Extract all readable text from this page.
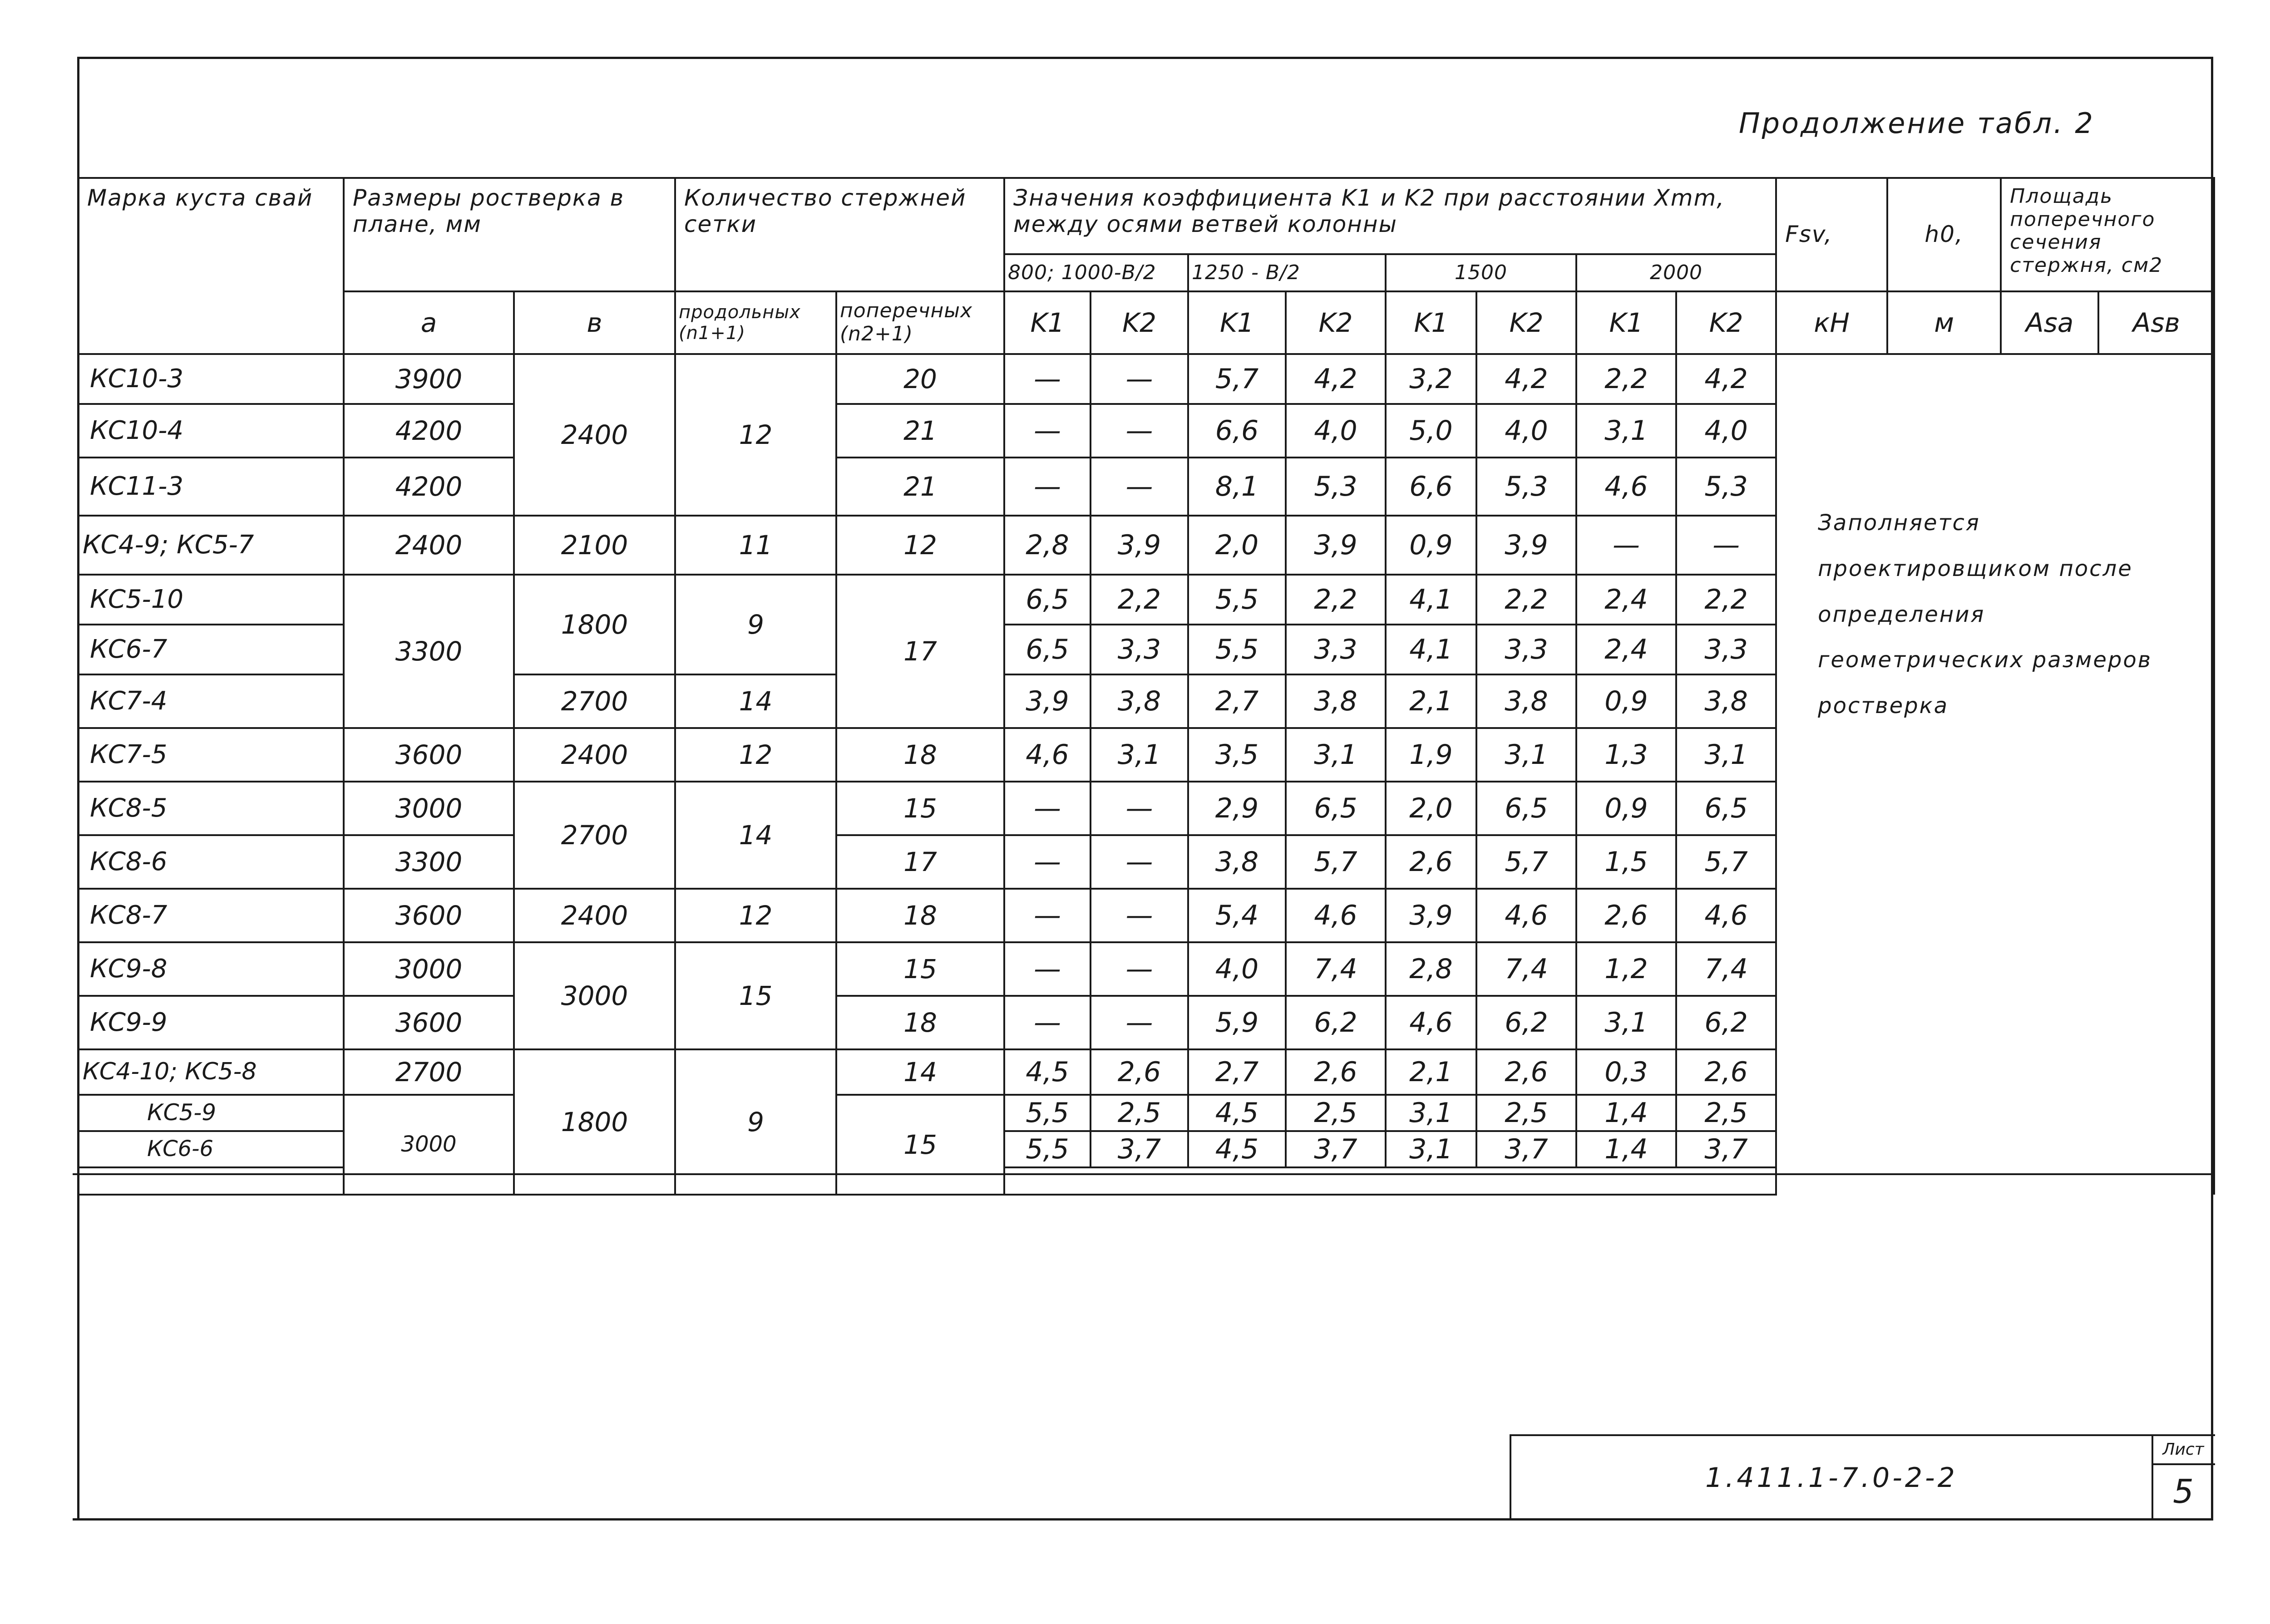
Продолжение табл. 2
Марка куста свай	Размеры ростверка в плане, мм		Количество стержней сетки		Значения коэффициента K1 и K2 при расстоянии Xmm, между осями ветвей колонны								Fsv,	h0,	Площадь поперечного сечения стержня, см2	
					800; 1000-B/2		1250 - B/2		1500		2000					
	а	в	продольных (n1+1)	поперечных (n2+1)	K1	K2	K1	K2	K1	K2	K1	K2	кН	м	Asa	Asв
КС10-3	3900	2400	12	20	—	—	5,7	4,2	3,2	4,2	2,2	4,2	Заполняется проектировщиком после определения геометрических размеров ростверка			
КС10-4	4200			21	—	—	6,6	4,0	5,0	4,0	3,1	4,0				
КС11-3	4200			21	—	—	8,1	5,3	6,6	5,3	4,6	5,3				
КС4-9; КС5-7	2400	2100	11	12	2,8	3,9	2,0	3,9	0,9	3,9	—	—				
КС5-10	3300	1800	9	17	6,5	2,2	5,5	2,2	4,1	2,2	2,4	2,2				
КС6-7					6,5	3,3	5,5	3,3	4,1	3,3	2,4	3,3				
КС7-4		2700	14		3,9	3,8	2,7	3,8	2,1	3,8	0,9	3,8				
КС7-5	3600	2400	12	18	4,6	3,1	3,5	3,1	1,9	3,1	1,3	3,1				
КС8-5	3000	2700	14	15	—	—	2,9	6,5	2,0	6,5	0,9	6,5				
КС8-6	3300			17	—	—	3,8	5,7	2,6	5,7	1,5	5,7				
КС8-7	3600	2400	12	18	—	—	5,4	4,6	3,9	4,6	2,6	4,6				
КС9-8	3000	3000	15	15	—	—	4,0	7,4	2,8	7,4	1,2	7,4				
КС9-9	3600			18	—	—	5,9	6,2	4,6	6,2	3,1	6,2				
КС4-10; КС5-8	2700	1800	9	14	4,5	2,6	2,7	2,6	2,1	2,6	0,3	2,6				
КС5-9	3000			15	5,5	2,5	4,5	2,5	3,1	2,5	1,4	2,5				
КС6-6					5,5	3,7	4,5	3,7	3,1	3,7	1,4	3,7				

1.411.1-7.0-2-2
Лист
5
